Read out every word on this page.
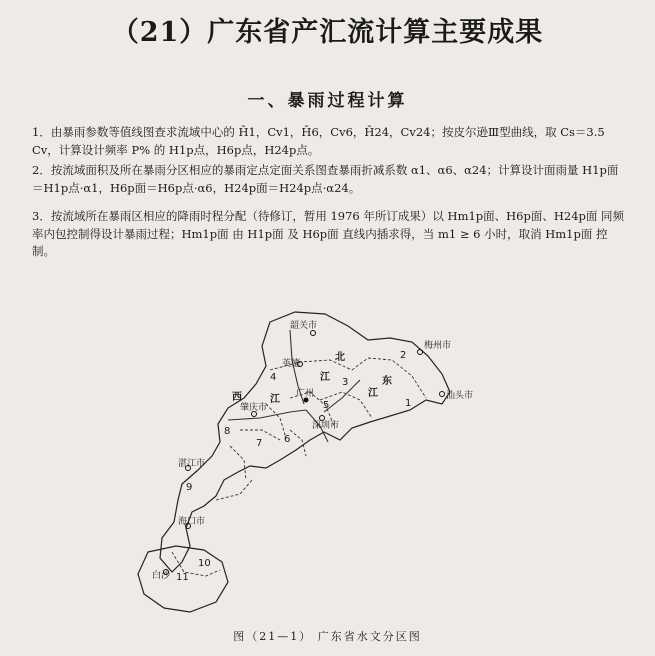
（21）广东省产汇流计算主要成果
一、暴雨过程计算

1．由暴雨参数等值线图查求流域中心的 H̄1，Cv1，H̄6，Cv6，H̄24，Cv24；按皮尔逊Ⅲ型曲线，取 Cs＝3.5 Cv，计算设计频率 P% 的 H1p点，H6p点，H24p点。

2．按流域面积及所在暴雨分区相应的暴雨定点定面关系图查暴雨折减系数 α1、α6、α24；计算设计面雨量 H1p面＝H1p点·α1，H6p面＝H6p点·α6，H24p面＝H24p点·α24。

3．按流域所在暴雨区相应的降雨时程分配（待修订，暂用 1976 年所订成果）以 Hm1p面、H6p面、H24p面 同频率内包控制得设计暴雨过程；Hm1p面 由 H1p面 及 H6p面 直线内插求得，当 m1 ≥ 6 小时，取消 Hm1p面 控制。

韶关市
梅州市
汕头市
英德
广州
肇庆市
深圳市
湛江市
海口市
白沙
北
江	东
江
西	江	1
2
3
4
5
6
7
8
9
10
11
图（21—1） 广东省水文分区图
